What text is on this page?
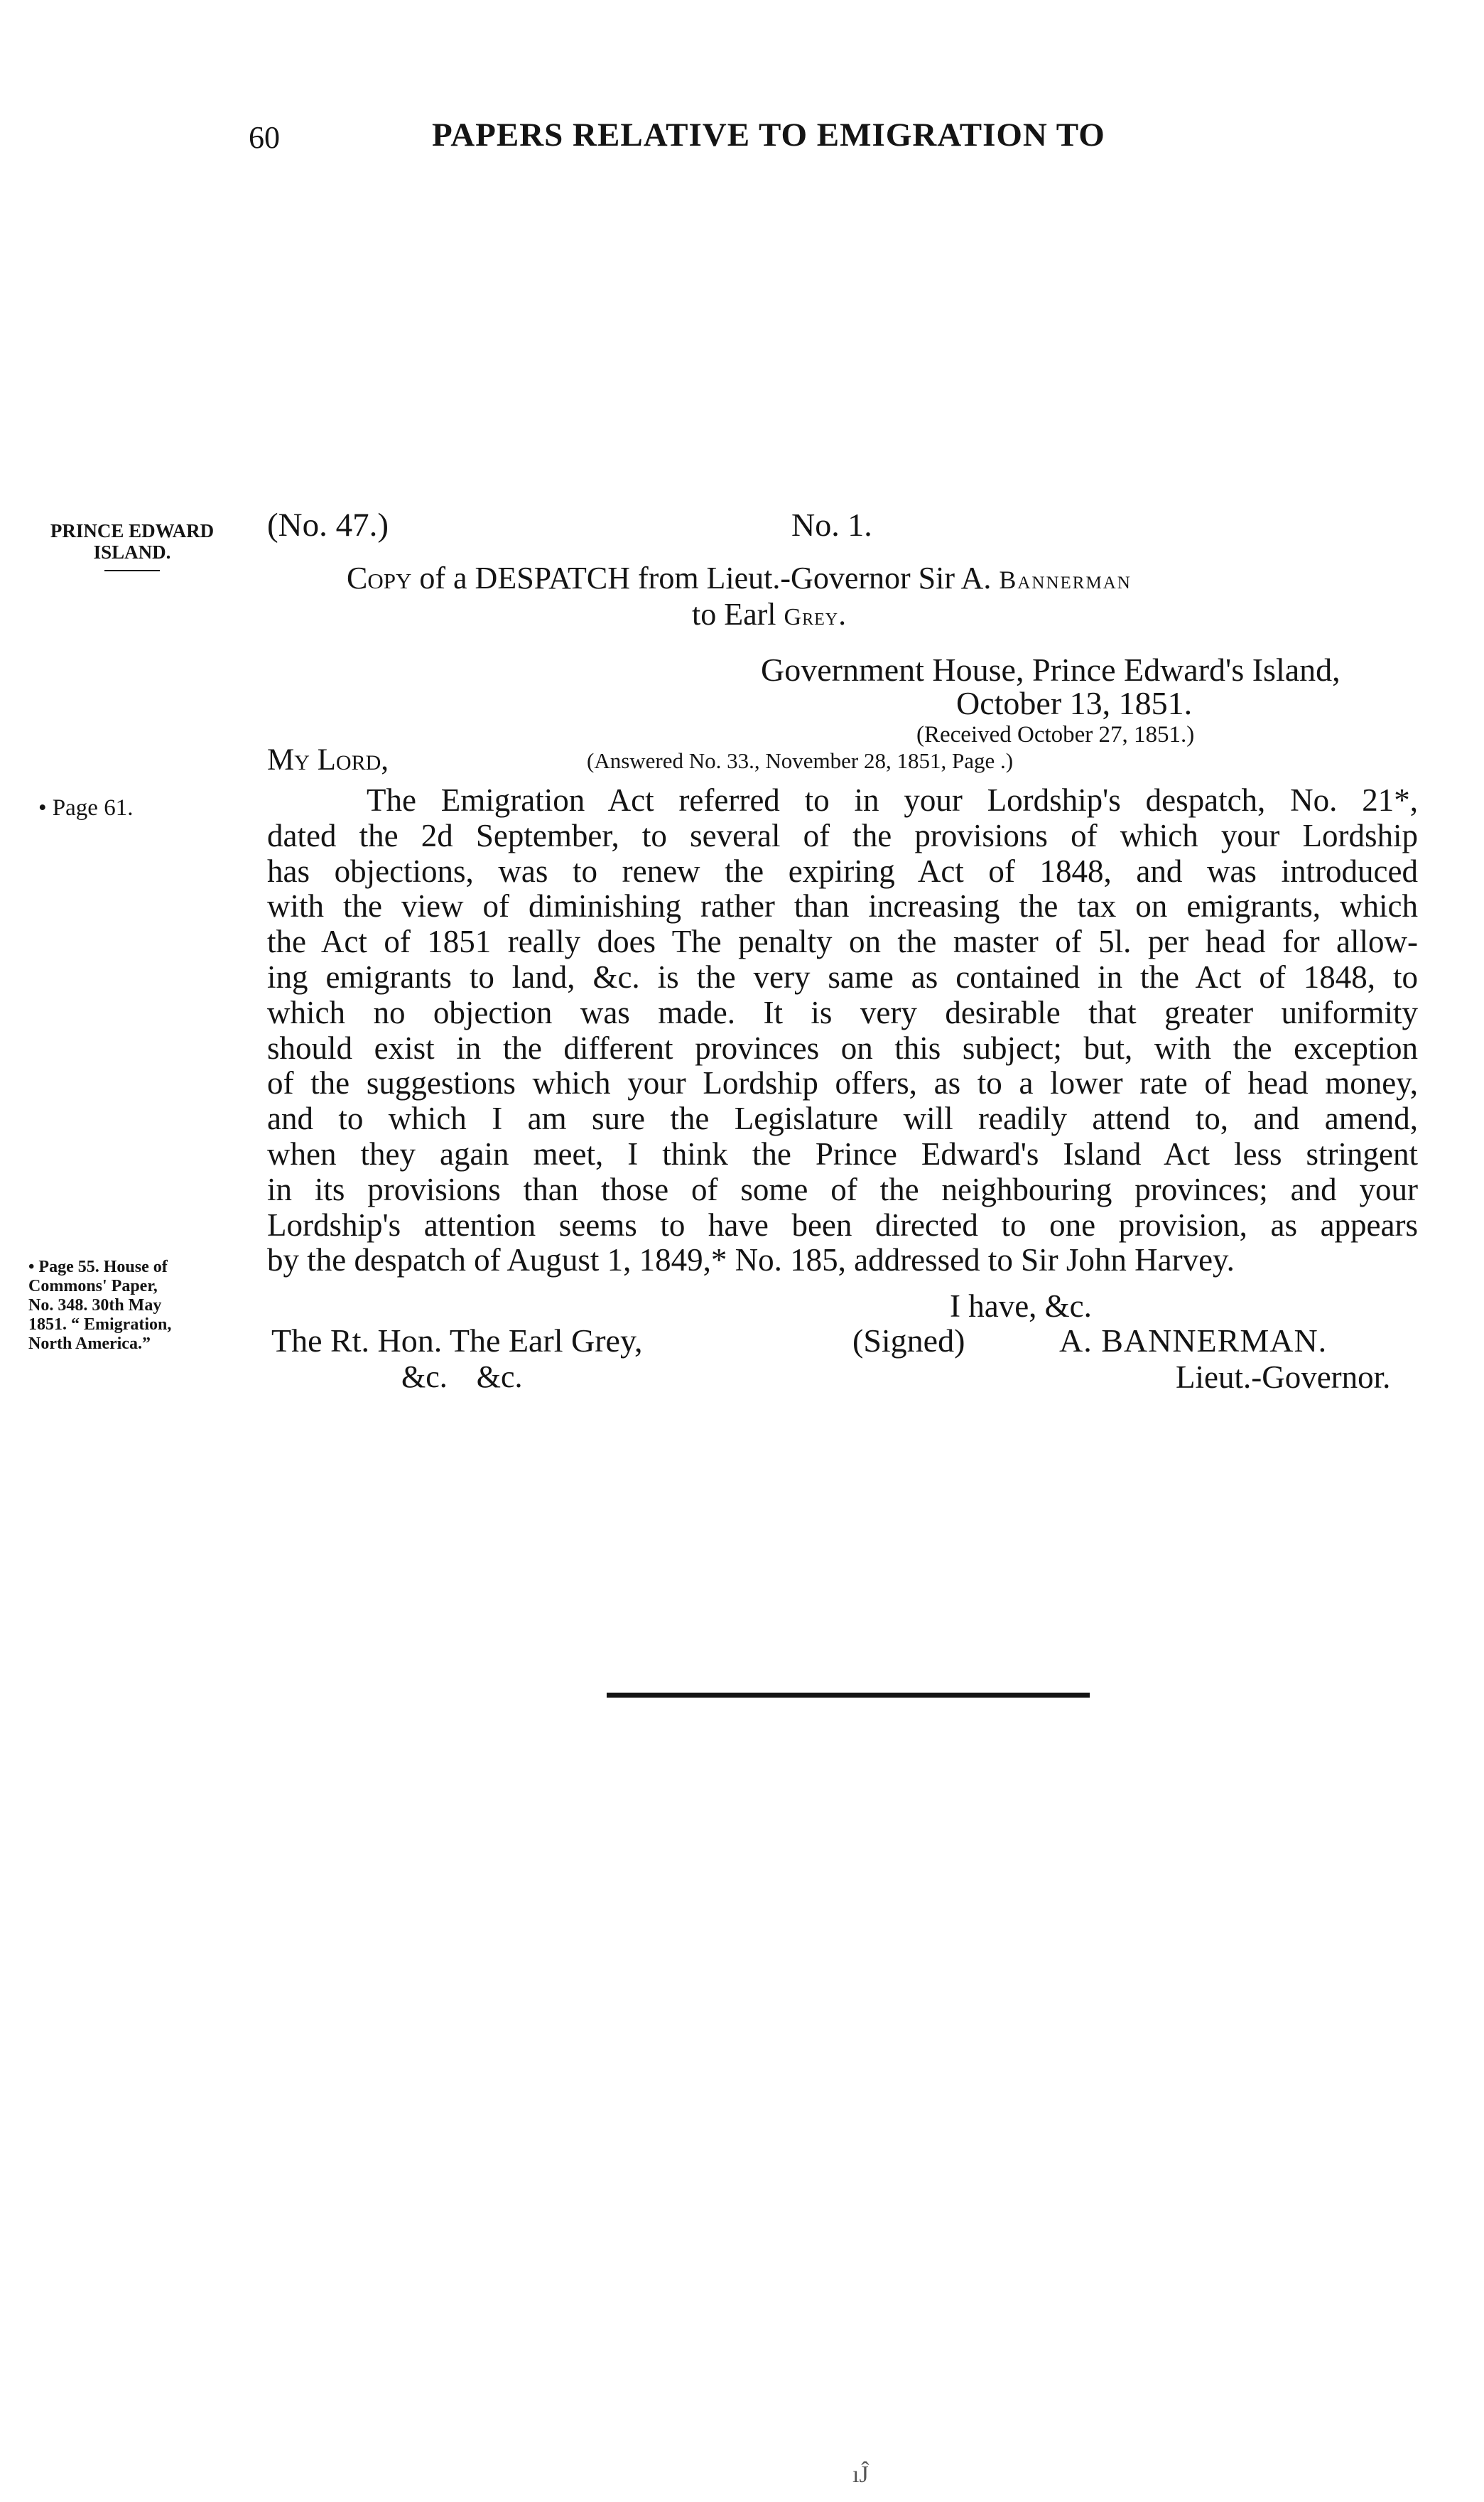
60	PAPERS RELATIVE TO EMIGRATION TO
PRINCE EDWARD
ISLAND.
• Page 61.
• Page 55. House of
Commons' Paper,
No. 348. 30th May
1851. “ Emigration,
North America.”
(No. 47.)	No. 1.
Copy of a DESPATCH from Lieut.-Governor Sir A. Bannerman
to Earl Grey.
Government House, Prince Edward's Island,
October 13, 1851.
(Received October 27, 1851.)
My Lord,	(Answered No. 33., November 28, 1851, Page .)
The Emigration Act referred to in your Lordship's despatch, No. 21*,
dated the 2d September, to several of the provisions of which your Lordship
has objections, was to renew the expiring Act of 1848, and was introduced
with the view of diminishing rather than increasing the tax on emigrants, which
the Act of 1851 really does The penalty on the master of 5l. per head for allow-
ing emigrants to land, &c. is the very same as contained in the Act of 1848, to
which no objection was made. It is very desirable that greater uniformity
should exist in the different provinces on this subject; but, with the exception
of the suggestions which your Lordship offers, as to a lower rate of head money,
and to which I am sure the Legislature will readily attend to, and amend,
when they again meet, I think the Prince Edward's Island Act less stringent
in its provisions than those of some of the neighbouring provinces; and your
Lordship's attention seems to have been directed to one provision, as appears
by the despatch of August 1, 1849,* No. 185, addressed to Sir John Harvey.
I have, &c.
The Rt. Hon. The Earl Grey,	(Signed)	A. BANNERMAN.
&c. &c.	Lieut.-Governor.
ıĴ
